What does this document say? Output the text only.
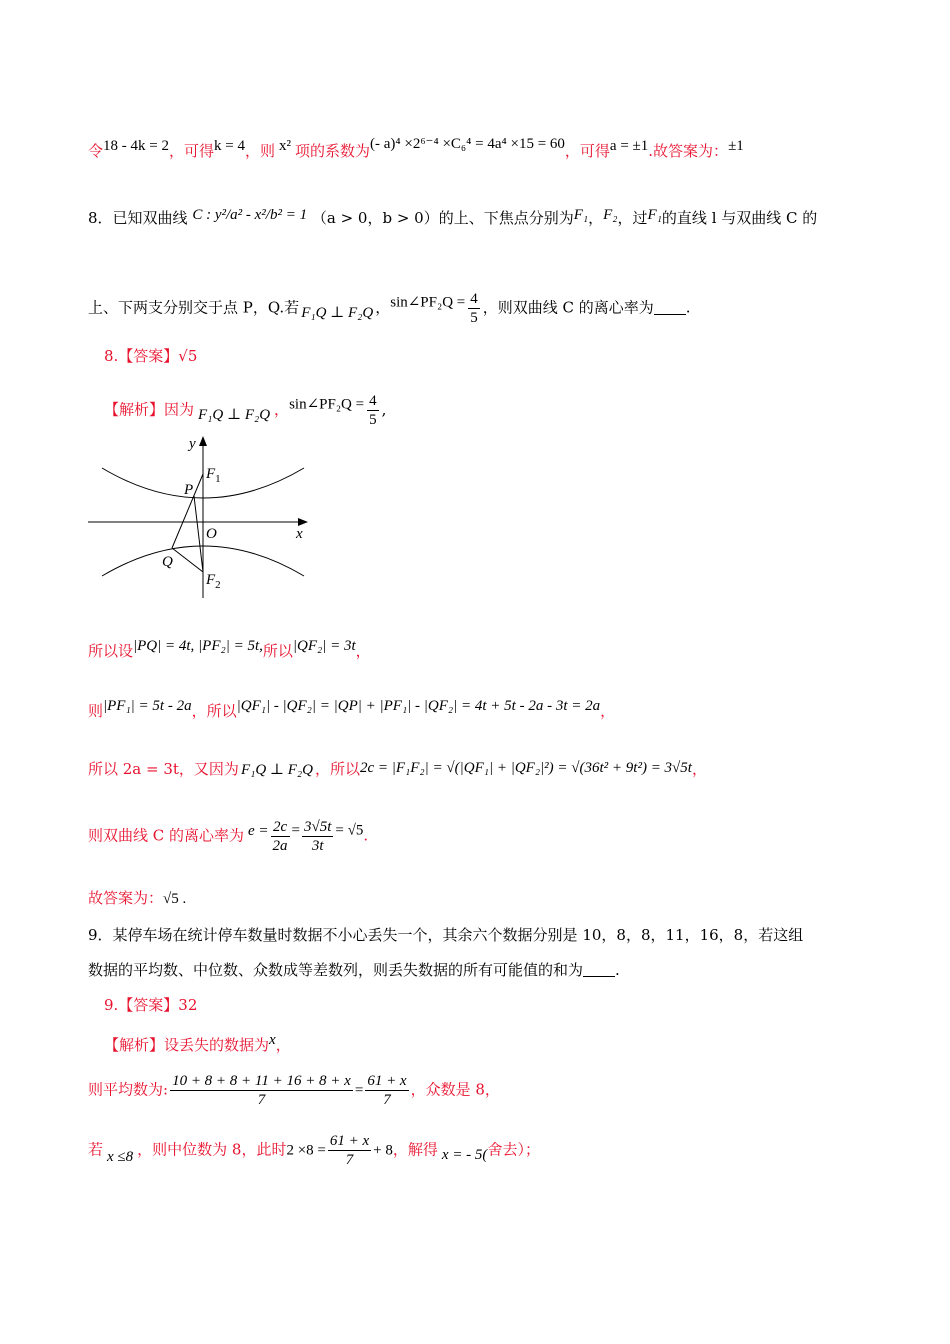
令18 - 4k = 2，可得k = 4，则 x² 项的系数为(- a)⁴ ×2⁶⁻⁴ ×C₆⁴ = 4a⁴ ×15 = 60，可得a = ±1.故答案为：±1
8．已知双曲线 C : y²/a² - x²/b² = 1 （a > 0，b > 0）的上、下焦点分别为F₁，F₂，过F₁的直线 l 与双曲线 C 的
上、下两支分别交于点 P，Q.若 F₁Q ⊥ F₂Q ，sin∠PF₂Q = $\frac{4}{5}$ ，则双曲线 C 的离心率为 .
8.【答案】√5
【解析】因为 F₁Q ⊥ F₂Q ，sin∠PF₂Q = $\frac{4}{5}$ ,
y
$F_1$
P
O	x
Q
$F_2$
所以设|PQ| = 4t, |PF₂| = 5t,所以|QF₂| = 3t，
则|PF₁| = 5t - 2a，所以|QF₁| - |QF₂| = |QP| + |PF₁| - |QF₂| = 4t + 5t - 2a - 3t = 2a，
所以 2a = 3t，又因为 F₁Q ⊥ F₂Q ，所以2c = |F₁F₂| = √(|QF₁| + |QF₂|²) = √(36t² + 9t²) = 3√5t，
则双曲线 C 的离心率为 $e = \frac{2c}{2a} = \frac{3√5t}{3t} = √5$.
故答案为：√5 .
9．某停车场在统计停车数量时数据不小心丢失一个，其余六个数据分别是 10，8，8，11，16，8，若这组
数据的平均数、中位数、众数成等差数列，则丢失数据的所有可能值的和为 .
9.【答案】32
【解析】设丢失的数据为x，
则平均数为: $\frac{10 + 8 + 8 + 11 + 16 + 8 + x}{7} = \frac{61 + x}{7}$ ，众数是 8，
若 x ≤8 ，则中位数为 8，此时$2 \times 8 = \frac{61 + x}{7} + 8$，解得 x = - 5(舍去）；
